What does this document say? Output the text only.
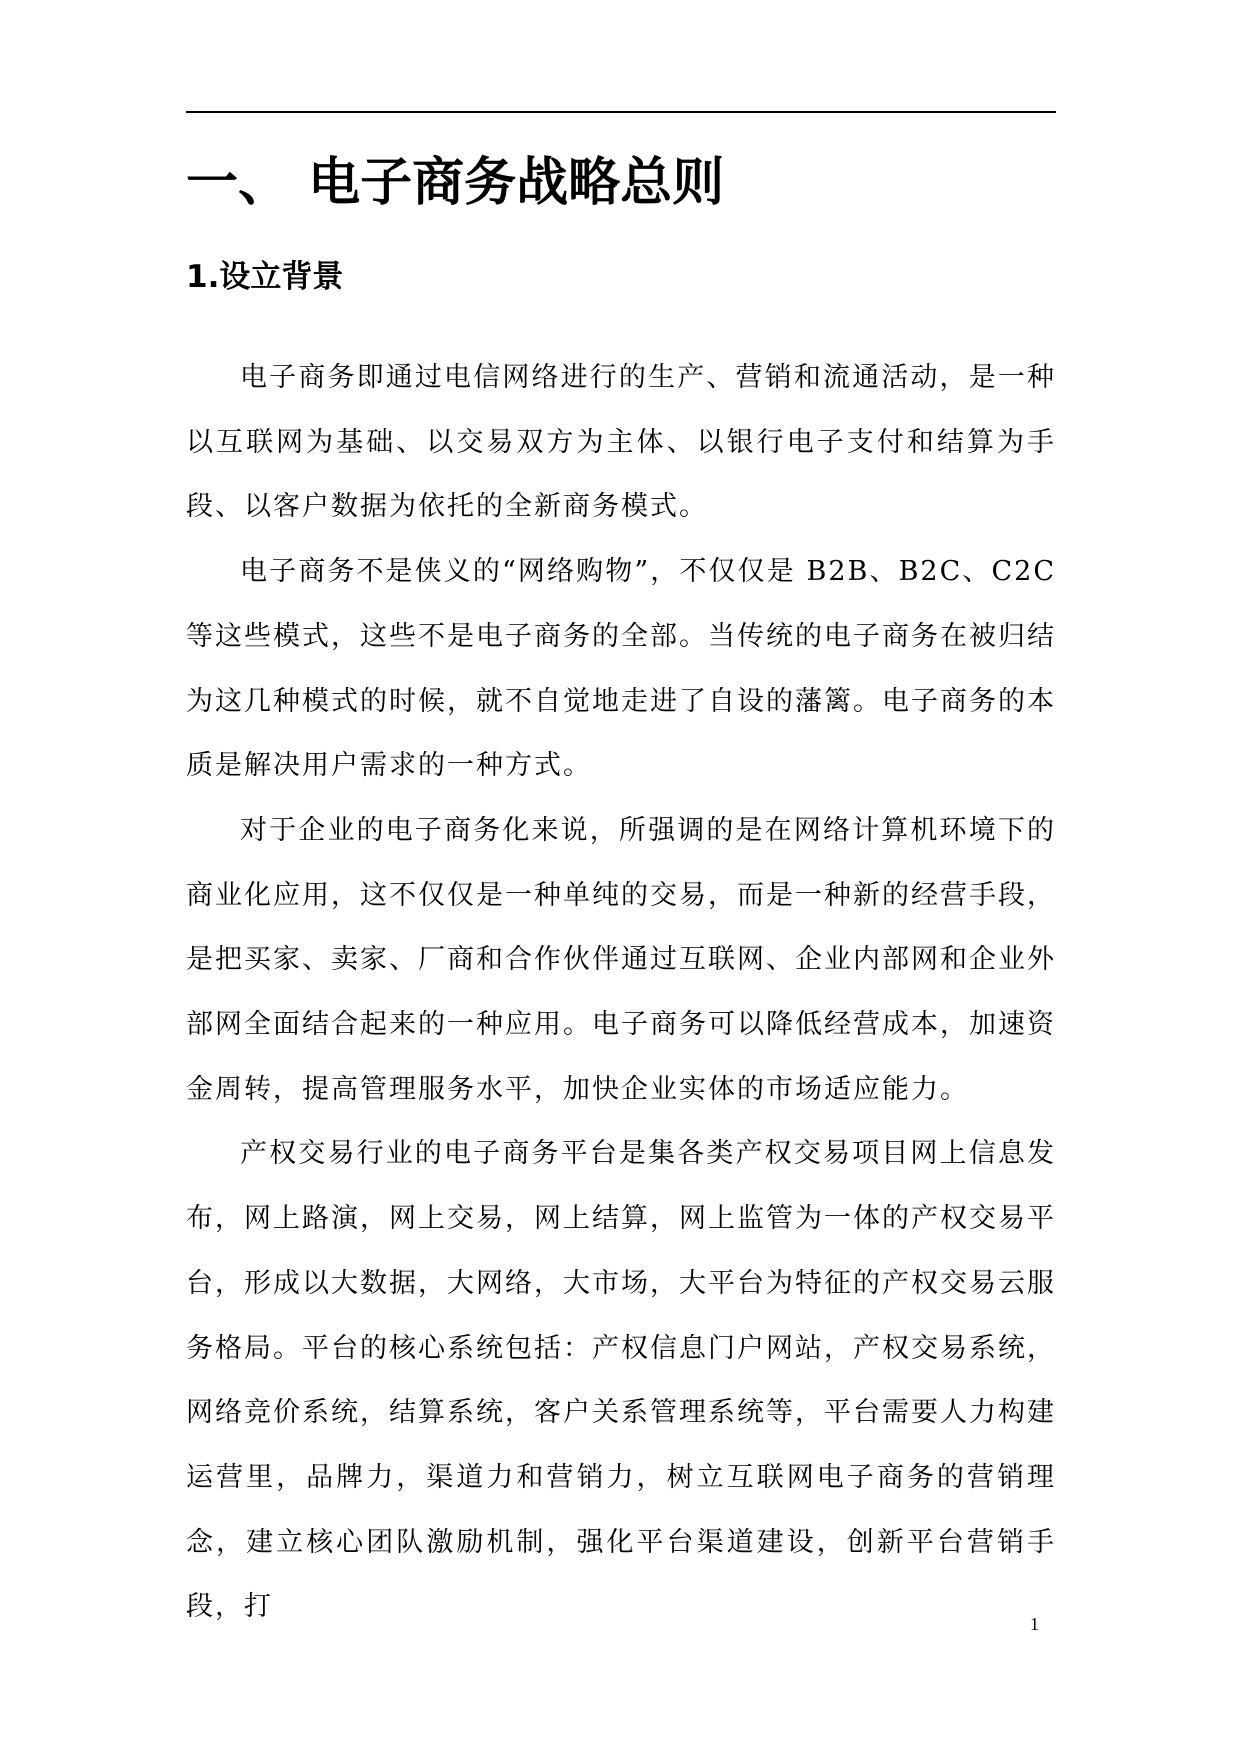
一、 电子商务战略总则
1.设立背景

电子商务即通过电信网络进行的生产、营销和流通活动，是一种以互联网为基础、以交易双方为主体、以银行电子支付和结算为手段、以客户数据为依托的全新商务模式。

电子商务不是侠义的“网络购物”，不仅仅是 B2B、B2C、C2C 等这些模式，这些不是电子商务的全部。当传统的电子商务在被归结为这几种模式的时候，就不自觉地走进了自设的藩篱。电子商务的本质是解决用户需求的一种方式。

对于企业的电子商务化来说，所强调的是在网络计算机环境下的商业化应用，这不仅仅是一种单纯的交易，而是一种新的经营手段，是把买家、卖家、厂商和合作伙伴通过互联网、企业内部网和企业外部网全面结合起来的一种应用。电子商务可以降低经营成本，加速资金周转，提高管理服务水平，加快企业实体的市场适应能力。

产权交易行业的电子商务平台是集各类产权交易项目网上信息发布，网上路演，网上交易，网上结算，网上监管为一体的产权交易平台，形成以大数据，大网络，大市场，大平台为特征的产权交易云服务格局。平台的核心系统包括：产权信息门户网站，产权交易系统，网络竞价系统，结算系统，客户关系管理系统等，平台需要人力构建运营里，品牌力，渠道力和营销力，树立互联网电子商务的营销理念，建立核心团队激励机制，强化平台渠道建设，创新平台营销手段，打

1
